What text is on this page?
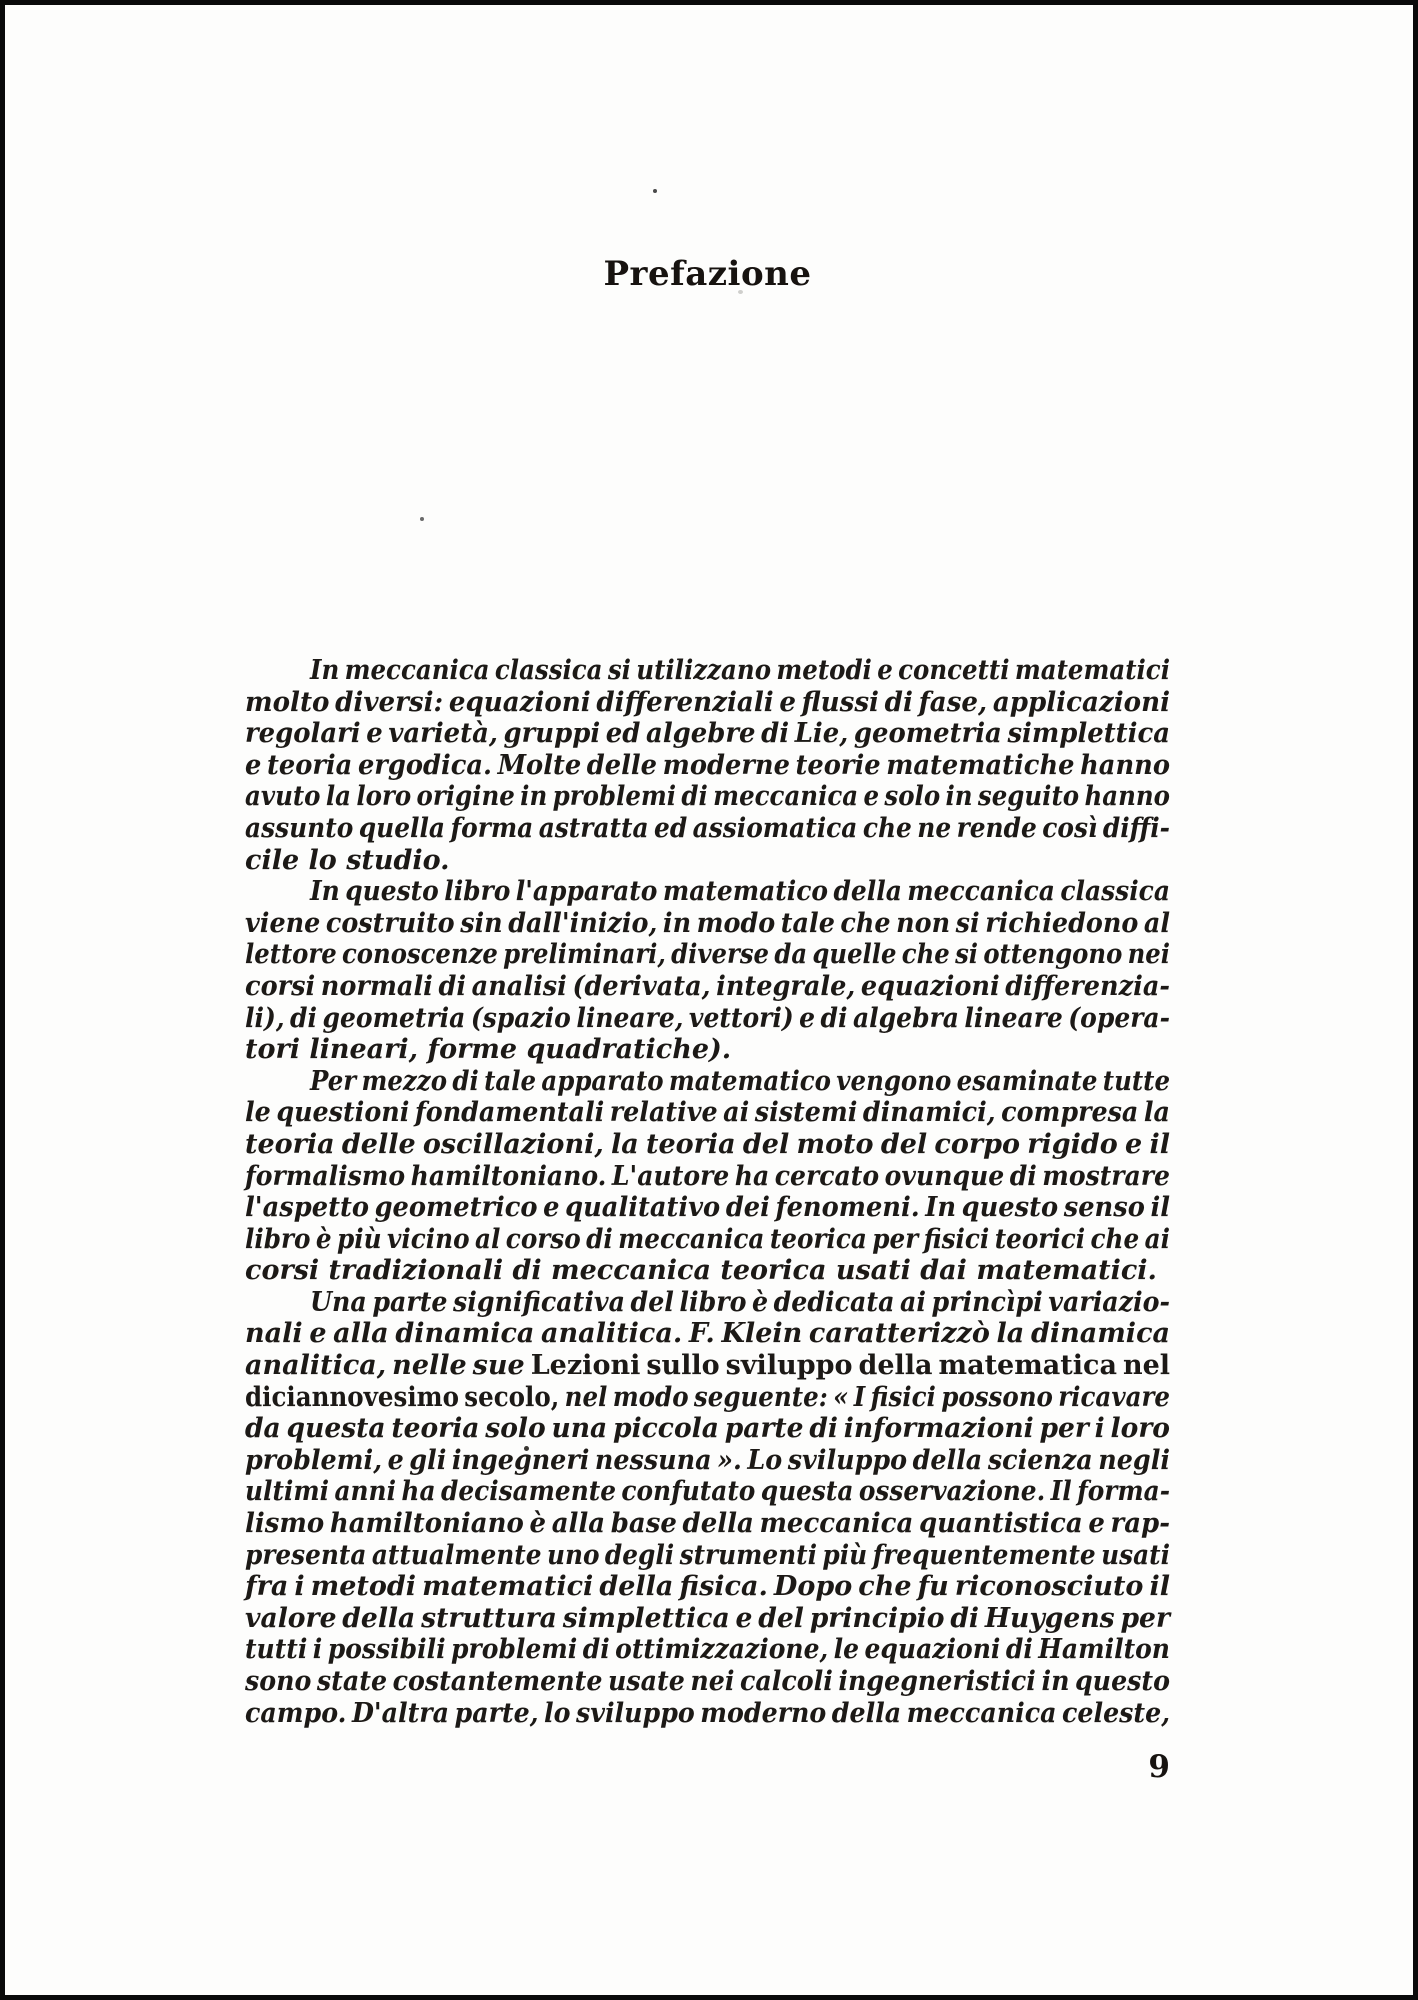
Prefazione
In meccanica classica si utilizzano metodi e concetti matematici
molto diversi: equazioni differenziali e flussi di fase, applicazioni
regolari e varietà, gruppi ed algebre di Lie, geometria simplettica
e teoria ergodica. Molte delle moderne teorie matematiche hanno
avuto la loro origine in problemi di meccanica e solo in seguito hanno
assunto quella forma astratta ed assiomatica che ne rende così diffi-
cile lo studio.
In questo libro l'apparato matematico della meccanica classica
viene costruito sin dall'inizio, in modo tale che non si richiedono al
lettore conoscenze preliminari, diverse da quelle che si ottengono nei
corsi normali di analisi (derivata, integrale, equazioni differenzia-
li), di geometria (spazio lineare, vettori) e di algebra lineare (opera-
tori lineari, forme quadratiche).
Per mezzo di tale apparato matematico vengono esaminate tutte
le questioni fondamentali relative ai sistemi dinamici, compresa la
teoria delle oscillazioni, la teoria del moto del corpo rigido e il
formalismo hamiltoniano. L'autore ha cercato ovunque di mostrare
l'aspetto geometrico e qualitativo dei fenomeni. In questo senso il
libro è più vicino al corso di meccanica teorica per fisici teorici che ai
corsi tradizionali di meccanica teorica usati dai matematici.
Una parte significativa del libro è dedicata ai princìpi variazio-
nali e alla dinamica analitica. F. Klein caratterizzò la dinamica
analitica, nelle sue Lezioni sullo sviluppo della matematica nel
diciannovesimo secolo, nel modo seguente: « I fisici possono ricavare
da questa teoria solo una piccola parte di informazioni per i loro
problemi, e gli ingegneri nessuna ». Lo sviluppo della scienza negli
ultimi anni ha decisamente confutato questa osservazione. Il forma-
lismo hamiltoniano è alla base della meccanica quantistica e rap-
presenta attualmente uno degli strumenti più frequentemente usati
fra i metodi matematici della fisica. Dopo che fu riconosciuto il
valore della struttura simplettica e del principio di Huygens per
tutti i possibili problemi di ottimizzazione, le equazioni di Hamilton
sono state costantemente usate nei calcoli ingegneristici in questo
campo. D'altra parte, lo sviluppo moderno della meccanica celeste,
9
